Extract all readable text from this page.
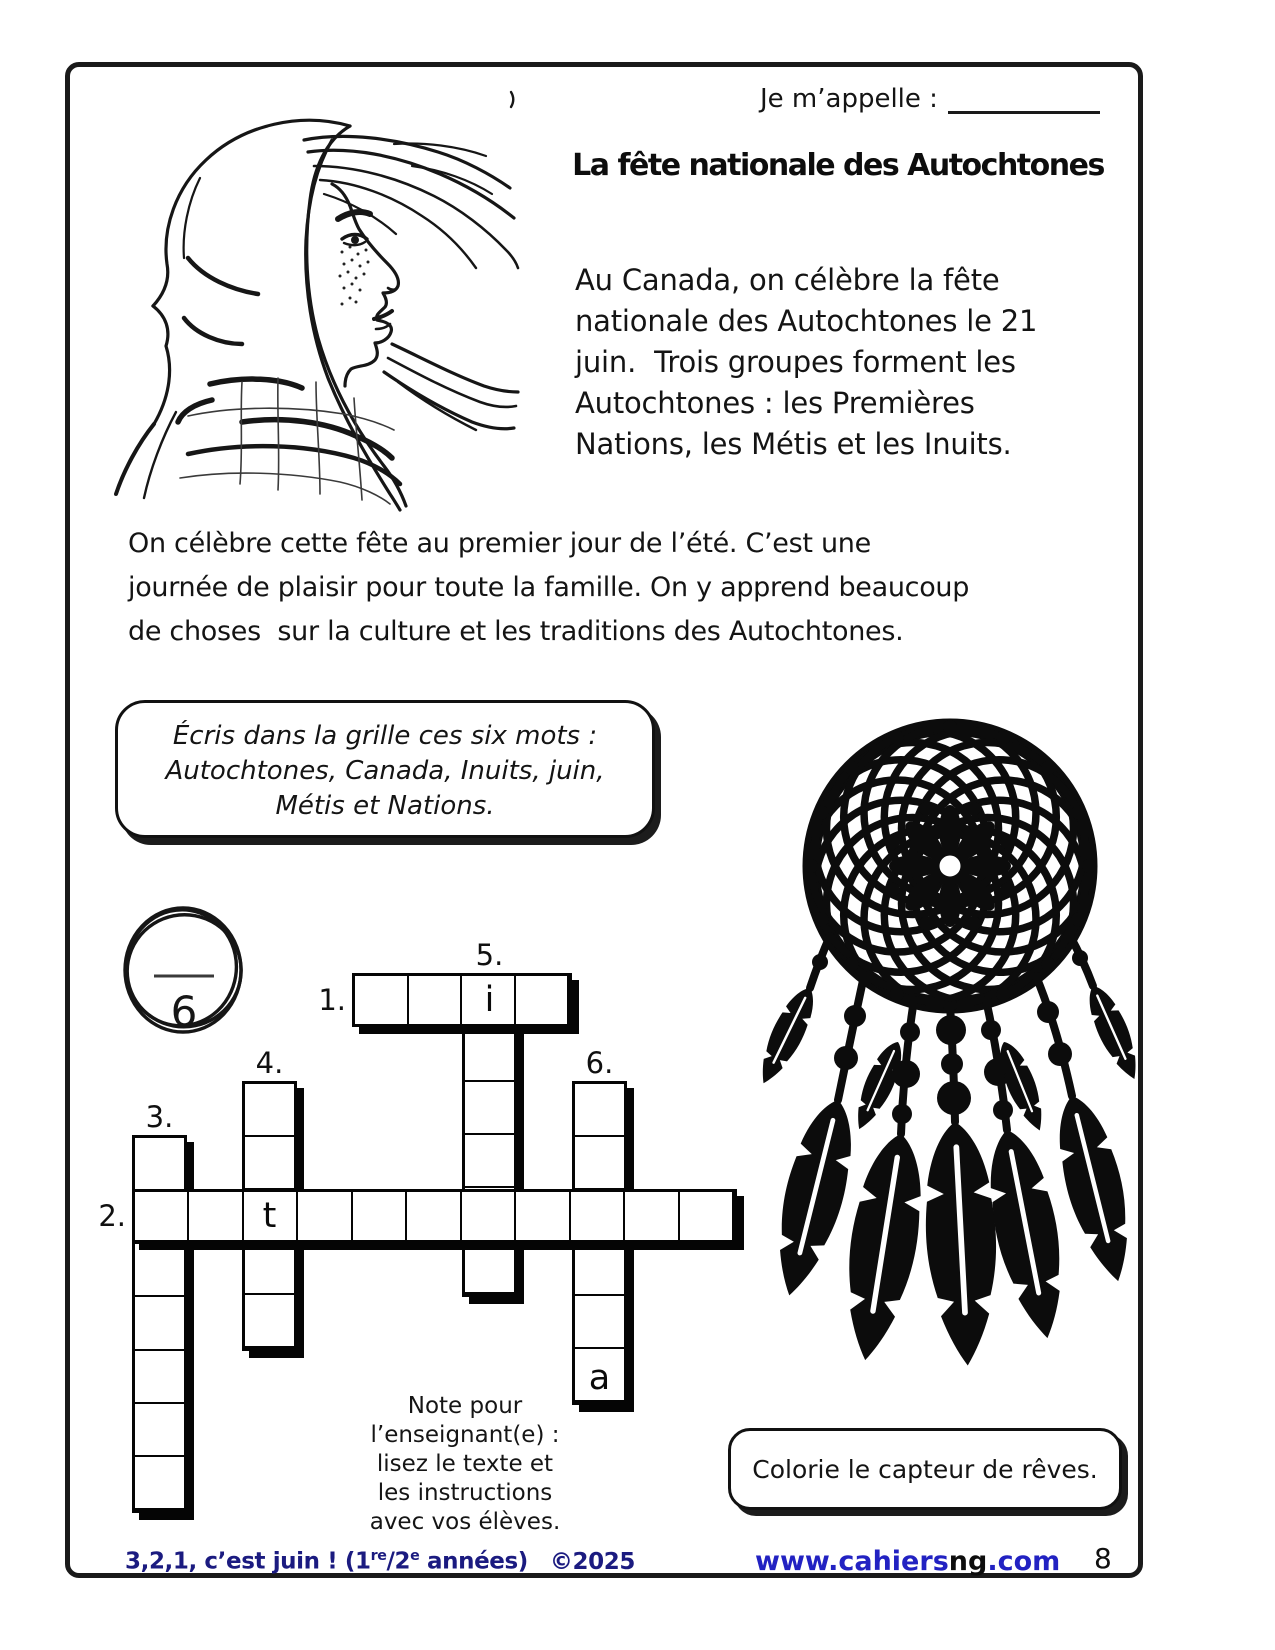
Je m’appelle :
La fête nationale des Autochtones
Au Canada, on célèbre la fête
nationale des Autochtones le 21
juin.  Trois groupes forment les
Autochtones : les Premières
Nations, les Métis et les Inuits.
On célèbre cette fête au premier jour de l’été. C’est une
journée de plaisir pour toute la famille. On y apprend beaucoup
de choses  sur la culture et les traditions des Autochtones.
Écris dans la grille ces six mots :
Autochtones, Canada, Inuits, juin,
Métis et Nations.
6
5.
4.	6.
3.
1.
2.
i
t
a
Note pour
l’enseignant(e) :
lisez le texte et
les instructions
avec vos élèves.
Colorie le capteur de rêves.
3,2,1, c’est juin ! (1re/2e années) ©2025	www.cahiersng.com 8
